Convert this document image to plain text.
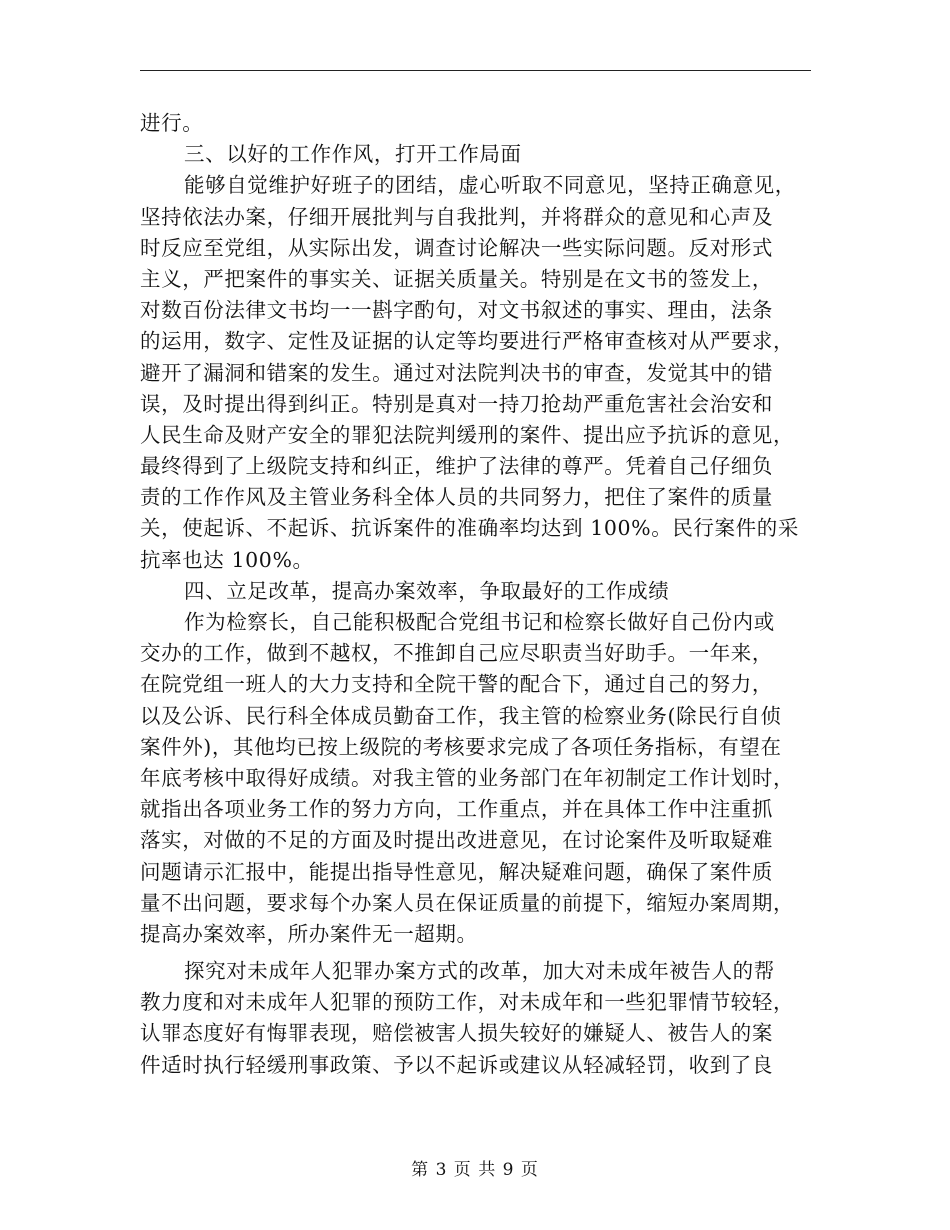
进行。
三、以好的工作作风，打开工作局面
能够自觉维护好班子的团结，虚心听取不同意见，坚持正确意见，
坚持依法办案，仔细开展批判与自我批判，并将群众的意见和心声及
时反应至党组，从实际出发，调查讨论解决一些实际问题。反对形式
主义，严把案件的事实关、证据关质量关。特别是在文书的签发上，
对数百份法律文书均一一斟字酌句，对文书叙述的事实、理由，法条
的运用，数字、定性及证据的认定等均要进行严格审查核对从严要求，
避开了漏洞和错案的发生。通过对法院判决书的审查，发觉其中的错
误，及时提出得到纠正。特别是真对一持刀抢劫严重危害社会治安和
人民生命及财产安全的罪犯法院判缓刑的案件、提出应予抗诉的意见，
最终得到了上级院支持和纠正，维护了法律的尊严。凭着自己仔细负
责的工作作风及主管业务科全体人员的共同努力，把住了案件的质量
关，使起诉、不起诉、抗诉案件的准确率均达到 100%。民行案件的采
抗率也达 100%。
四、立足改革，提高办案效率，争取最好的工作成绩
作为检察长，自己能积极配合党组书记和检察长做好自己份内或
交办的工作，做到不越权，不推卸自己应尽职责当好助手。一年来，
在院党组一班人的大力支持和全院干警的配合下，通过自己的努力，
以及公诉、民行科全体成员勤奋工作，我主管的检察业务(除民行自侦
案件外)，其他均已按上级院的考核要求完成了各项任务指标，有望在
年底考核中取得好成绩。对我主管的业务部门在年初制定工作计划时，
就指出各项业务工作的努力方向，工作重点，并在具体工作中注重抓
落实，对做的不足的方面及时提出改进意见，在讨论案件及听取疑难
问题请示汇报中，能提出指导性意见，解决疑难问题，确保了案件质
量不出问题，要求每个办案人员在保证质量的前提下，缩短办案周期，
提高办案效率，所办案件无一超期。
探究对未成年人犯罪办案方式的改革，加大对未成年被告人的帮
教力度和对未成年人犯罪的预防工作，对未成年和一些犯罪情节较轻，
认罪态度好有悔罪表现，赔偿被害人损失较好的嫌疑人、被告人的案
件适时执行轻缓刑事政策、予以不起诉或建议从轻减轻罚，收到了良
第 3 页 共 9 页
